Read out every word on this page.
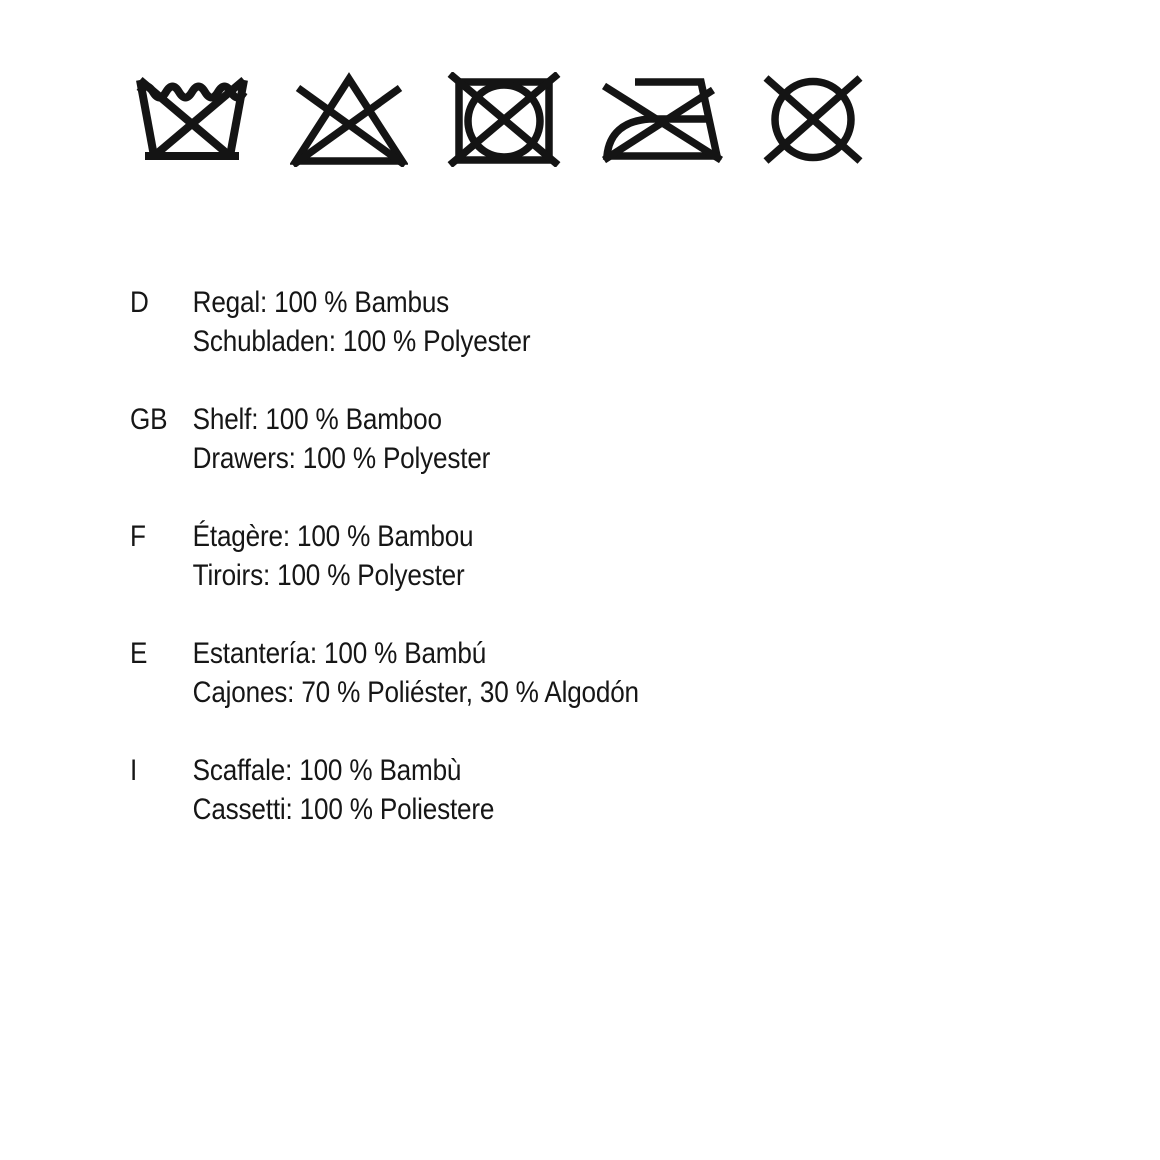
D	Regal: 100 % Bambus
Schubladen: 100 % Polyester
GB Shelf: 100 % Bamboo
Drawers: 100 % Polyester
F	Étagère: 100 % Bambou
Tiroirs: 100 % Polyester
E	Estantería: 100 % Bambú
Cajones: 70 % Poliéster, 30 % Algodón
I	Scaffale: 100 % Bambù
Cassetti: 100 % Poliestere
